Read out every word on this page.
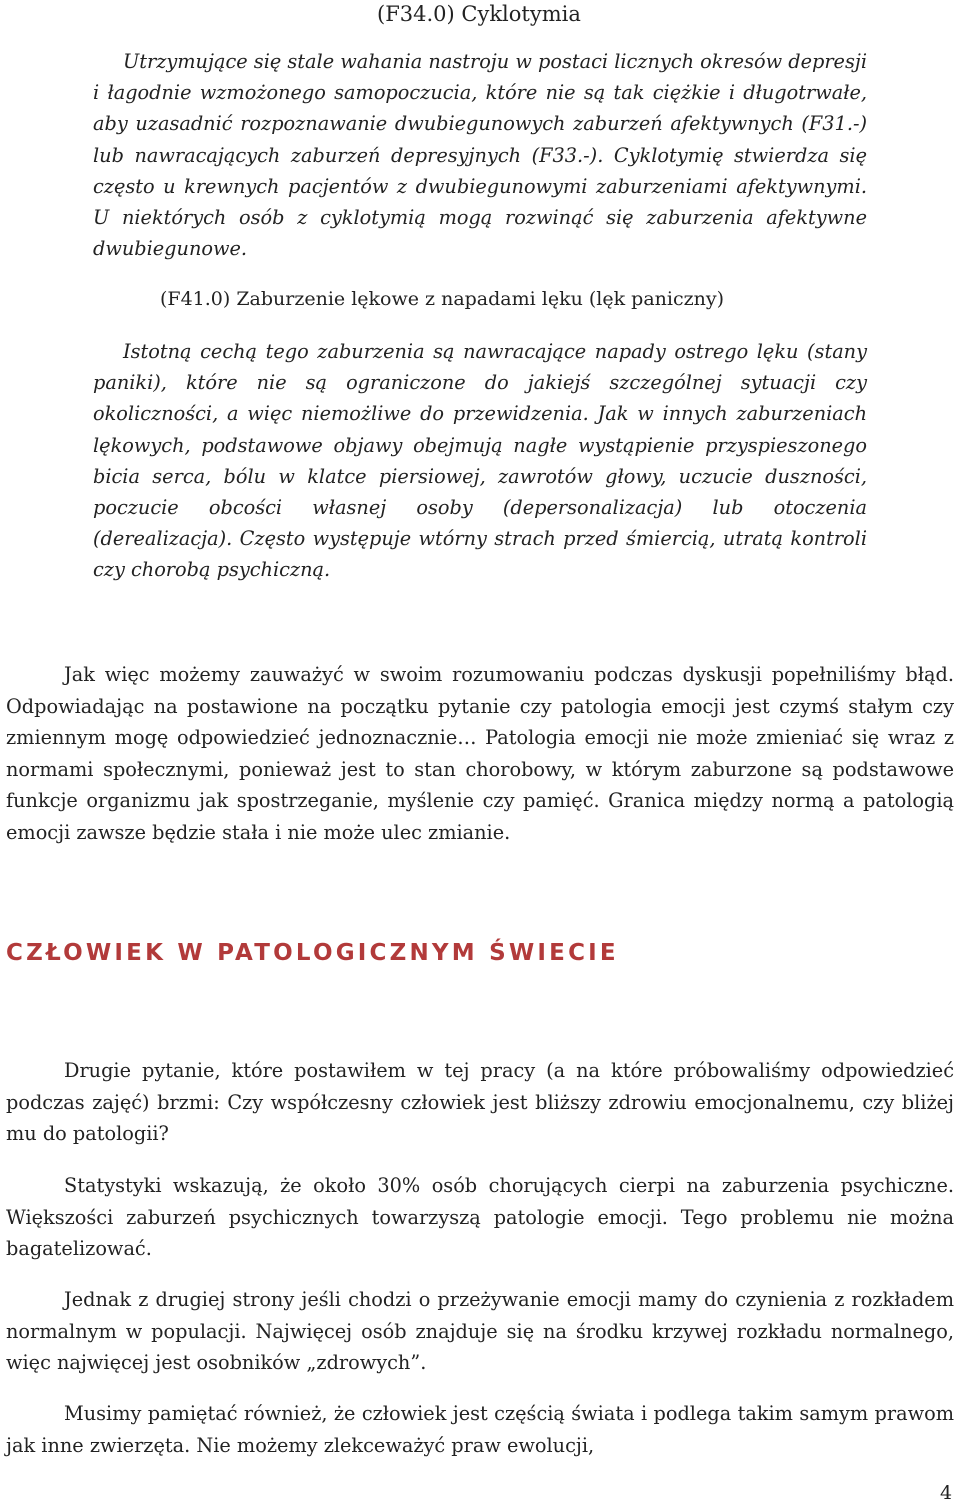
(F34.0) Cyklotymia

Utrzymujące się stale wahania nastroju w postaci licznych okresów depresji i łagodnie wzmożonego samopoczucia, które nie są tak ciężkie i długotrwałe, aby uzasadnić rozpoznawanie dwubiegunowych zaburzeń afektywnych (F31.-) lub nawracających zaburzeń depresyjnych (F33.-). Cyklotymię stwierdza się często u krewnych pacjentów z dwubiegunowymi zaburzeniami afektywnymi. U niektórych osób z cyklotymią mogą rozwinąć się zaburzenia afektywne dwubiegunowe.

(F41.0) Zaburzenie lękowe z napadami lęku (lęk paniczny)

Istotną cechą tego zaburzenia są nawracające napady ostrego lęku (stany paniki), które nie są ograniczone do jakiejś szczególnej sytuacji czy okoliczności, a więc niemożliwe do przewidzenia. Jak w innych zaburzeniach lękowych, podstawowe objawy obejmują nagłe wystąpienie przyspieszonego bicia serca, bólu w klatce piersiowej, zawrotów głowy, uczucie duszności, poczucie obcości własnej osoby (depersonalizacja) lub otoczenia (derealizacja). Często występuje wtórny strach przed śmiercią, utratą kontroli czy chorobą psychiczną.

Jak więc możemy zauważyć w swoim rozumowaniu podczas dyskusji popełniliśmy błąd. Odpowiadając na postawione na początku pytanie czy patologia emocji jest czymś stałym czy zmiennym mogę odpowiedzieć jednoznacznie… Patologia emocji nie może zmieniać się wraz z normami społecznymi, ponieważ jest to stan chorobowy, w którym zaburzone są podstawowe funkcje organizmu jak spostrzeganie, myślenie czy pamięć. Granica między normą a patologią emocji zawsze będzie stała i nie może ulec zmianie.

CZŁOWIEK W PATOLOGICZNYM ŚWIECIE

Drugie pytanie, które postawiłem w tej pracy (a na które próbowaliśmy odpowiedzieć podczas zajęć) brzmi: Czy współczesny człowiek jest bliższy zdrowiu emocjonalnemu, czy bliżej mu do patologii?

Statystyki wskazują, że około 30% osób chorujących cierpi na zaburzenia psychiczne. Większości zaburzeń psychicznych towarzyszą patologie emocji. Tego problemu nie można bagatelizować.

Jednak z drugiej strony jeśli chodzi o przeżywanie emocji mamy do czynienia z rozkładem normalnym w populacji. Najwięcej osób znajduje się na środku krzywej rozkładu normalnego, więc najwięcej jest osobników „zdrowych”.

Musimy pamiętać również, że człowiek jest częścią świata i podlega takim samym prawom jak inne zwierzęta. Nie możemy zlekceważyć praw ewolucji,

4
